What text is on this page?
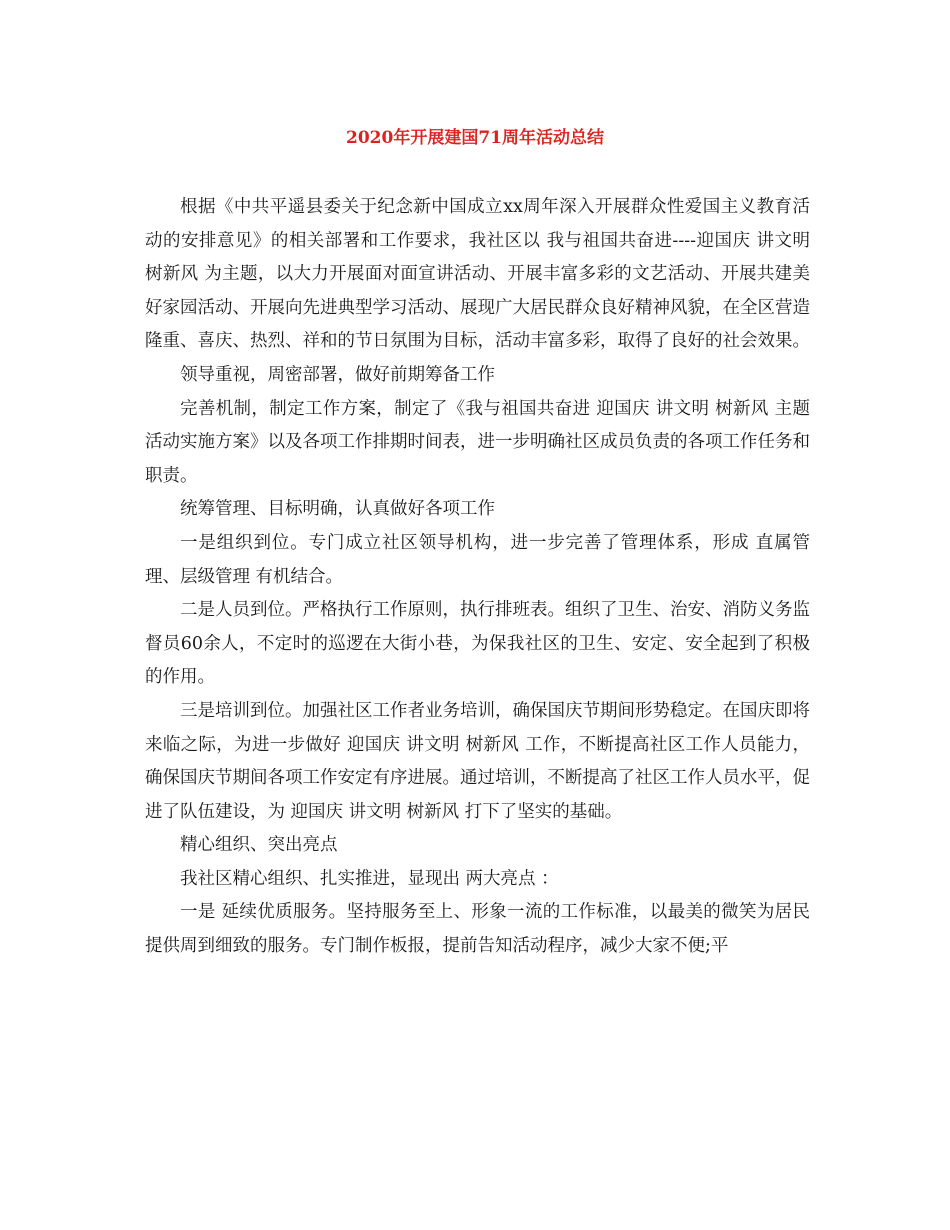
2020年开展建国71周年活动总结

根据《中共平遥县委关于纪念新中国成立xx周年深入开展群众性爱国主义教育活动的安排意见》的相关部署和工作要求，我社区以 我与祖国共奋进----迎国庆 讲文明 树新风 为主题，以大力开展面对面宣讲活动、开展丰富多彩的文艺活动、开展共建美好家园活动、开展向先进典型学习活动、展现广大居民群众良好精神风貌，在全区营造隆重、喜庆、热烈、祥和的节日氛围为目标，活动丰富多彩，取得了良好的社会效果。

领导重视，周密部署，做好前期筹备工作

完善机制，制定工作方案，制定了《我与祖国共奋进 迎国庆 讲文明 树新风 主题活动实施方案》以及各项工作排期时间表，进一步明确社区成员负责的各项工作任务和职责。

统筹管理、目标明确，认真做好各项工作

一是组织到位。专门成立社区领导机构，进一步完善了管理体系，形成 直属管理、层级管理 有机结合。

二是人员到位。严格执行工作原则，执行排班表。组织了卫生、治安、消防义务监督员60余人，不定时的巡逻在大街小巷，为保我社区的卫生、安定、安全起到了积极的作用。

三是培训到位。加强社区工作者业务培训，确保国庆节期间形势稳定。在国庆即将来临之际，为进一步做好 迎国庆 讲文明 树新风 工作，不断提高社区工作人员能力，确保国庆节期间各项工作安定有序进展。通过培训，不断提高了社区工作人员水平，促进了队伍建设，为 迎国庆 讲文明 树新风 打下了坚实的基础。

精心组织、突出亮点

我社区精心组织、扎实推进，显现出 两大亮点 ：

一是 延续优质服务。坚持服务至上、形象一流的工作标准，以最美的微笑为居民提供周到细致的服务。专门制作板报，提前告知活动程序，减少大家不便;平
